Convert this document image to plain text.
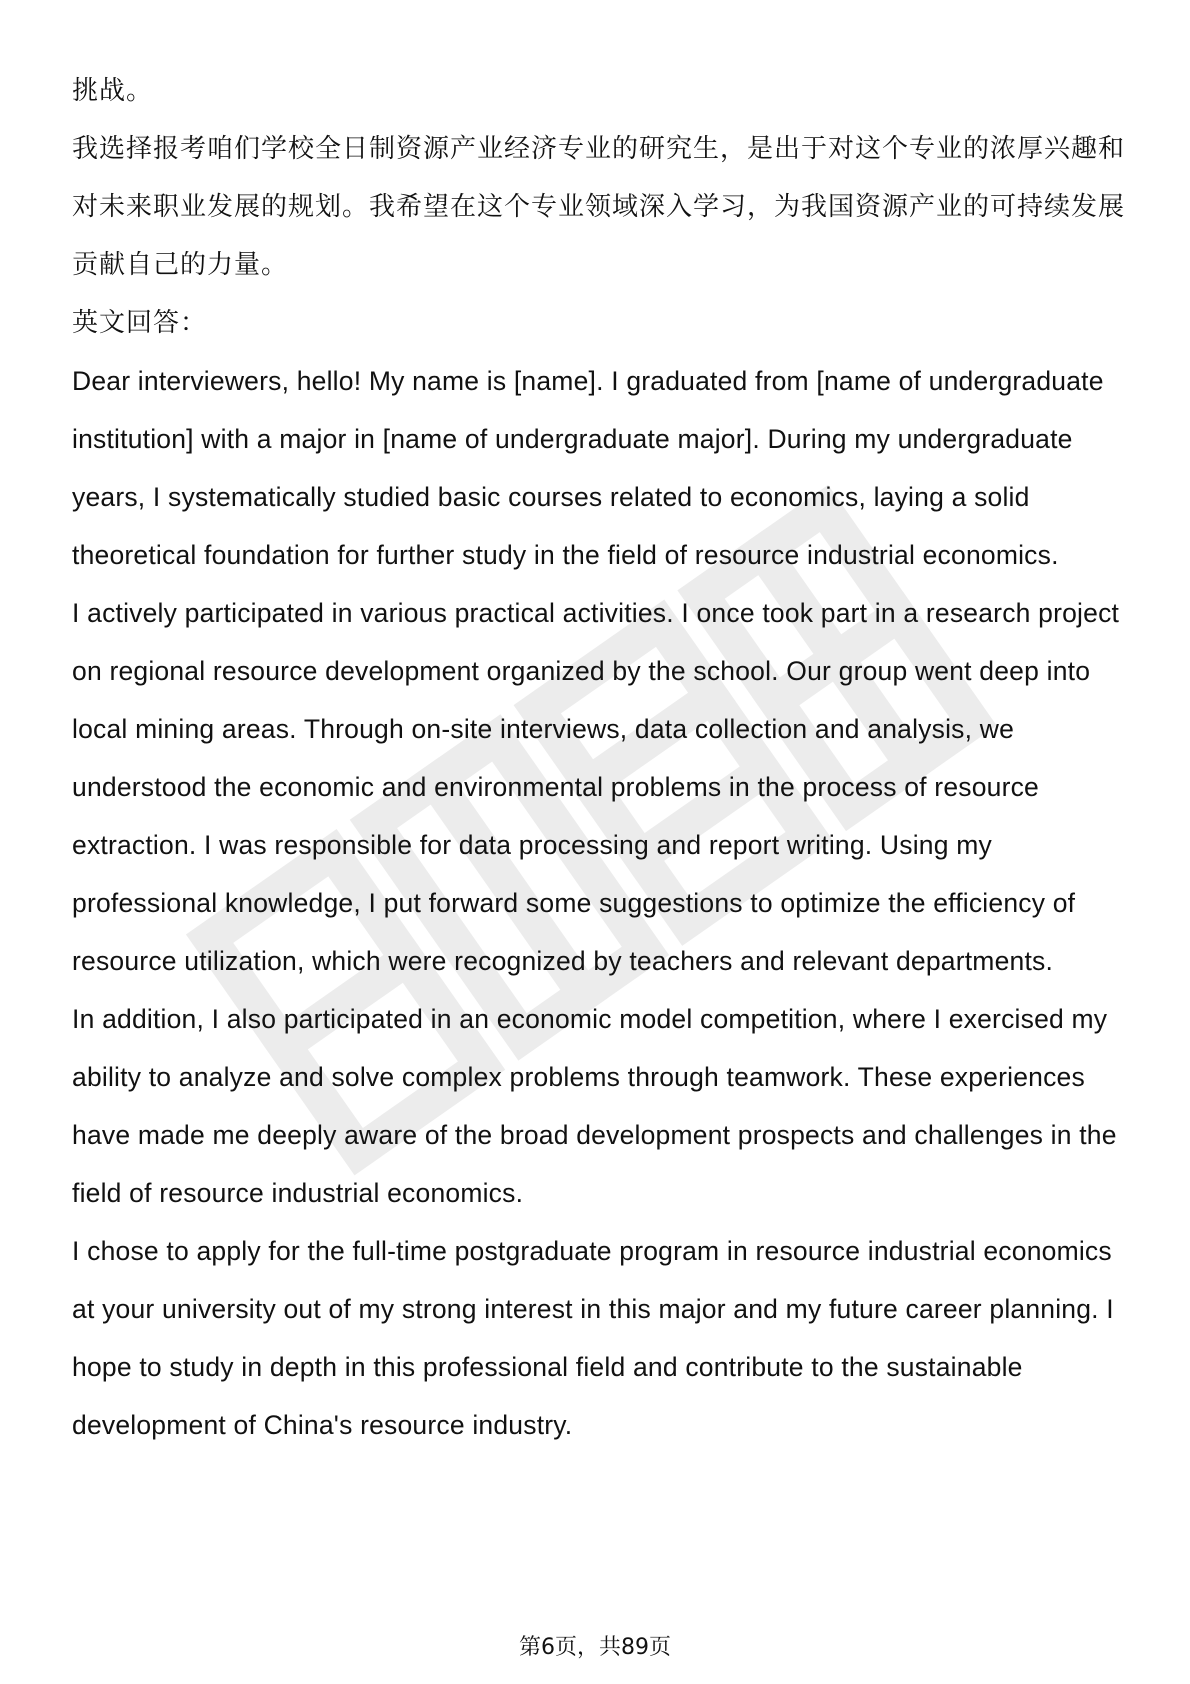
挑战。

我选择报考咱们学校全日制资源产业经济专业的研究生，是出于对这个专业的浓厚兴趣和对未来职业发展的规划。我希望在这个专业领域深入学习，为我国资源产业的可持续发展贡献自己的力量。

英文回答：

Dear interviewers, hello! My name is [name]. I graduated from [name of undergraduate institution] with a major in [name of undergraduate major]. During my undergraduate years, I systematically studied basic courses related to economics, laying a solid theoretical foundation for further study in the field of resource industrial economics.

I actively participated in various practical activities. I once took part in a research project on regional resource development organized by the school. Our group went deep into local mining areas. Through on-site interviews, data collection and analysis, we understood the economic and environmental problems in the process of resource extraction. I was responsible for data processing and report writing. Using my professional knowledge, I put forward some suggestions to optimize the efficiency of resource utilization, which were recognized by teachers and relevant departments.

In addition, I also participated in an economic model competition, where I exercised my ability to analyze and solve complex problems through teamwork. These experiences have made me deeply aware of the broad development prospects and challenges in the field of resource industrial economics.

I chose to apply for the full-time postgraduate program in resource industrial economics at your university out of my strong interest in this major and my future career planning. I hope to study in depth in this professional field and contribute to the sustainable development of China's resource industry.

第6页，共89页
